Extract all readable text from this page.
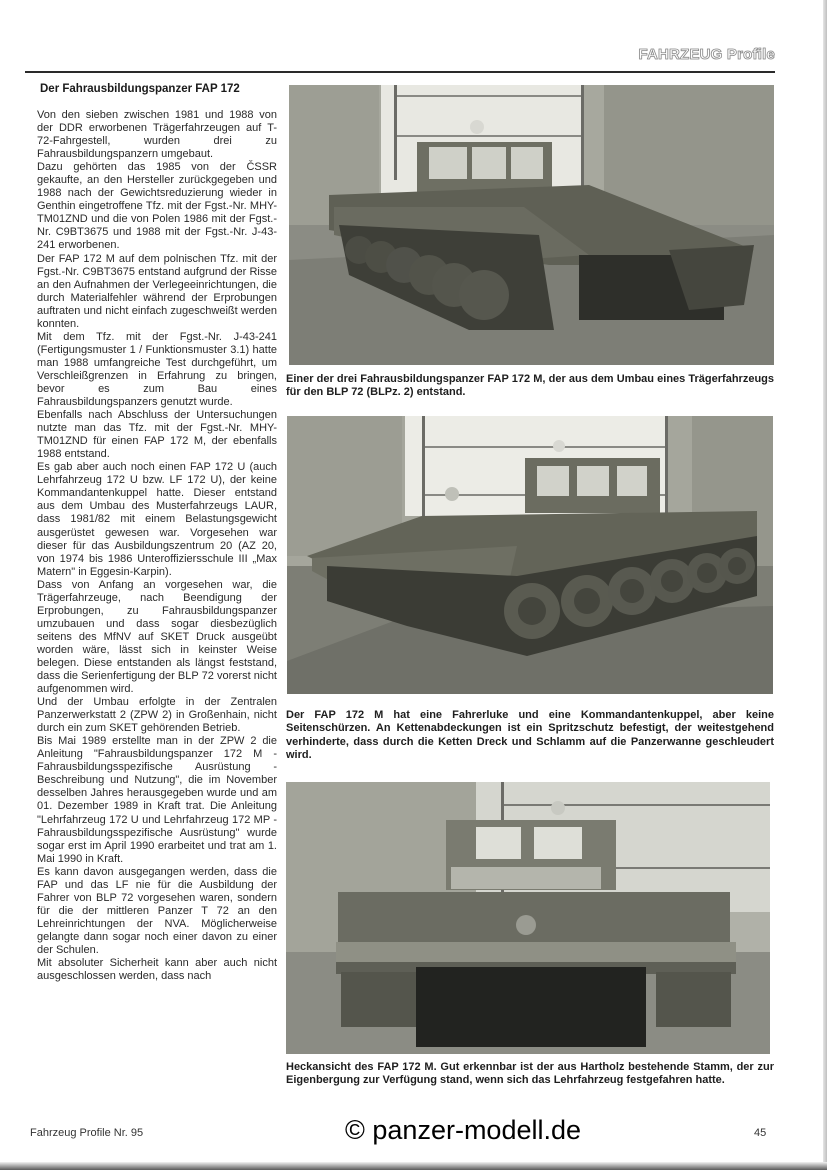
FAHRZEUG Profile
Der Fahrausbildungspanzer FAP 172

Von den sieben zwischen 1981 und 1988 von der DDR erworbenen Trägerfahrzeugen auf T-72-Fahrgestell, wurden drei zu Fahrausbildungspanzern umgebaut.

Dazu gehörten das 1985 von der ČSSR gekaufte, an den Hersteller zurückgegeben und 1988 nach der Gewichtsreduzierung wieder in Genthin eingetroffene Tfz. mit der Fgst.-Nr. MHY-TM01ZND und die von Polen 1986 mit der Fgst.-Nr. C9BT3675 und 1988 mit der Fgst.-Nr. J-43-241 erworbenen.

Der FAP 172 M auf dem polnischen Tfz. mit der Fgst.-Nr. C9BT3675 entstand aufgrund der Risse an den Aufnahmen der Verlegeeinrichtungen, die durch Materialfehler während der Erprobungen auftraten und nicht einfach zugeschweißt werden konnten.

Mit dem Tfz. mit der Fgst.-Nr. J-43-241 (Fertigungsmuster 1 / Funktionsmuster 3.1) hatte man 1988 umfangreiche Test durchgeführt, um Verschleißgrenzen in Erfahrung zu bringen, bevor es zum Bau eines Fahrausbildungspanzers genutzt wurde.

Ebenfalls nach Abschluss der Untersuchungen nutzte man das Tfz. mit der Fgst.-Nr. MHY-TM01ZND für einen FAP 172 M, der ebenfalls 1988 entstand.

Es gab aber auch noch einen FAP 172 U (auch Lehrfahrzeug 172 U bzw. LF 172 U), der keine Kommandantenkuppel hatte. Dieser entstand aus dem Umbau des Musterfahrzeugs LAUR, dass 1981/82 mit einem Belastungsgewicht ausgerüstet gewesen war. Vorgesehen war dieser für das Ausbildungszentrum 20 (AZ 20, von 1974 bis 1986 Unteroffiziersschule III „Max Matern" in Eggesin-Karpin).

Dass von Anfang an vorgesehen war, die Trägerfahrzeuge, nach Beendigung der Erprobungen, zu Fahrausbildungspanzer umzubauen und dass sogar diesbezüglich seitens des MfNV auf SKET Druck ausgeübt worden wäre, lässt sich in keinster Weise belegen. Diese entstanden als längst feststand, dass die Serienfertigung der BLP 72 vorerst nicht aufgenommen wird.

Und der Umbau erfolgte in der Zentralen Panzerwerkstatt 2 (ZPW 2) in Großenhain, nicht durch ein zum SKET gehörenden Betrieb.

Bis Mai 1989 erstellte man in der ZPW 2 die Anleitung "Fahrausbildungspanzer 172 M - Fahrausbildungsspezifische Ausrüstung - Beschreibung und Nutzung", die im November desselben Jahres herausgegeben wurde und am 01. Dezember 1989 in Kraft trat. Die Anleitung "Lehrfahrzeug 172 U und Lehrfahrzeug 172 MP - Fahrausbildungsspezifische Ausrüstung" wurde sogar erst im April 1990 erarbeitet und trat am 1. Mai 1990 in Kraft.

Es kann davon ausgegangen werden, dass die FAP und das LF nie für die Ausbildung der Fahrer von BLP 72 vorgesehen waren, sondern für die der mittleren Panzer T 72 an den Lehreinrichtungen der NVA. Möglicherweise gelangte dann sogar noch einer davon zu einer der Schulen.

Mit absoluter Sicherheit kann aber auch nicht ausgeschlossen werden, dass nach

Einer der drei Fahrausbildungspanzer FAP 172 M, der aus dem Umbau eines Trägerfahrzeugs für den BLP 72 (BLPz. 2) entstand.
Der FAP 172 M hat eine Fahrerluke und eine Kommandantenkuppel, aber keine Seitenschürzen. An Kettenabdeckungen ist ein Spritzschutz befestigt, der weitestgehend verhinderte, dass durch die Ketten Dreck und Schlamm auf die Panzerwanne geschleudert wird.
Heckansicht des FAP 172 M. Gut erkennbar ist der aus Hartholz bestehende Stamm, der zur Eigenbergung zur Verfügung stand, wenn sich das Lehrfahrzeug festgefahren hatte.
Fahrzeug Profile Nr. 95	© panzer-modell.de	45
